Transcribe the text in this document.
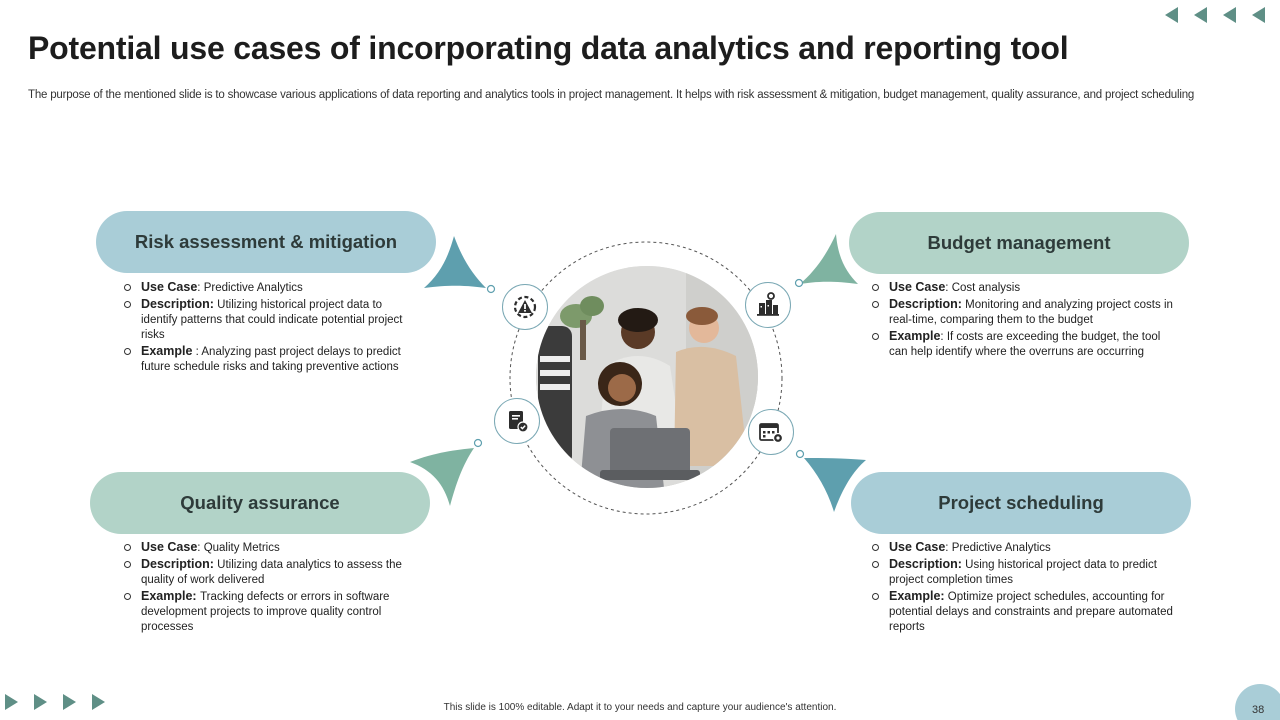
Potential use cases of incorporating data analytics and reporting tool
The purpose of the mentioned slide is to showcase various applications of data reporting and analytics tools in project management. It helps with risk assessment & mitigation, budget management, quality assurance, and project scheduling
Risk assessment & mitigation
Use Case: Predictive Analytics
Description: Utilizing historical project data to identify patterns that could indicate potential project risks
Example : Analyzing past project delays to predict future schedule risks and taking preventive actions
Budget management
Use Case: Cost analysis
Description: Monitoring and analyzing project costs in real-time, comparing them to the budget
Example: If costs are exceeding the budget, the tool can help identify where the overruns are occurring
Quality assurance
Use Case: Quality Metrics
Description: Utilizing data analytics to assess the quality of work delivered
Example: Tracking defects or errors in software development projects to improve quality control processes
Project scheduling
Use Case: Predictive Analytics
Description: Using historical project data to predict project completion times
Example: Optimize project schedules, accounting for potential delays and constraints and prepare automated reports
This slide is 100% editable. Adapt it to your needs and capture your audience's attention.	38
